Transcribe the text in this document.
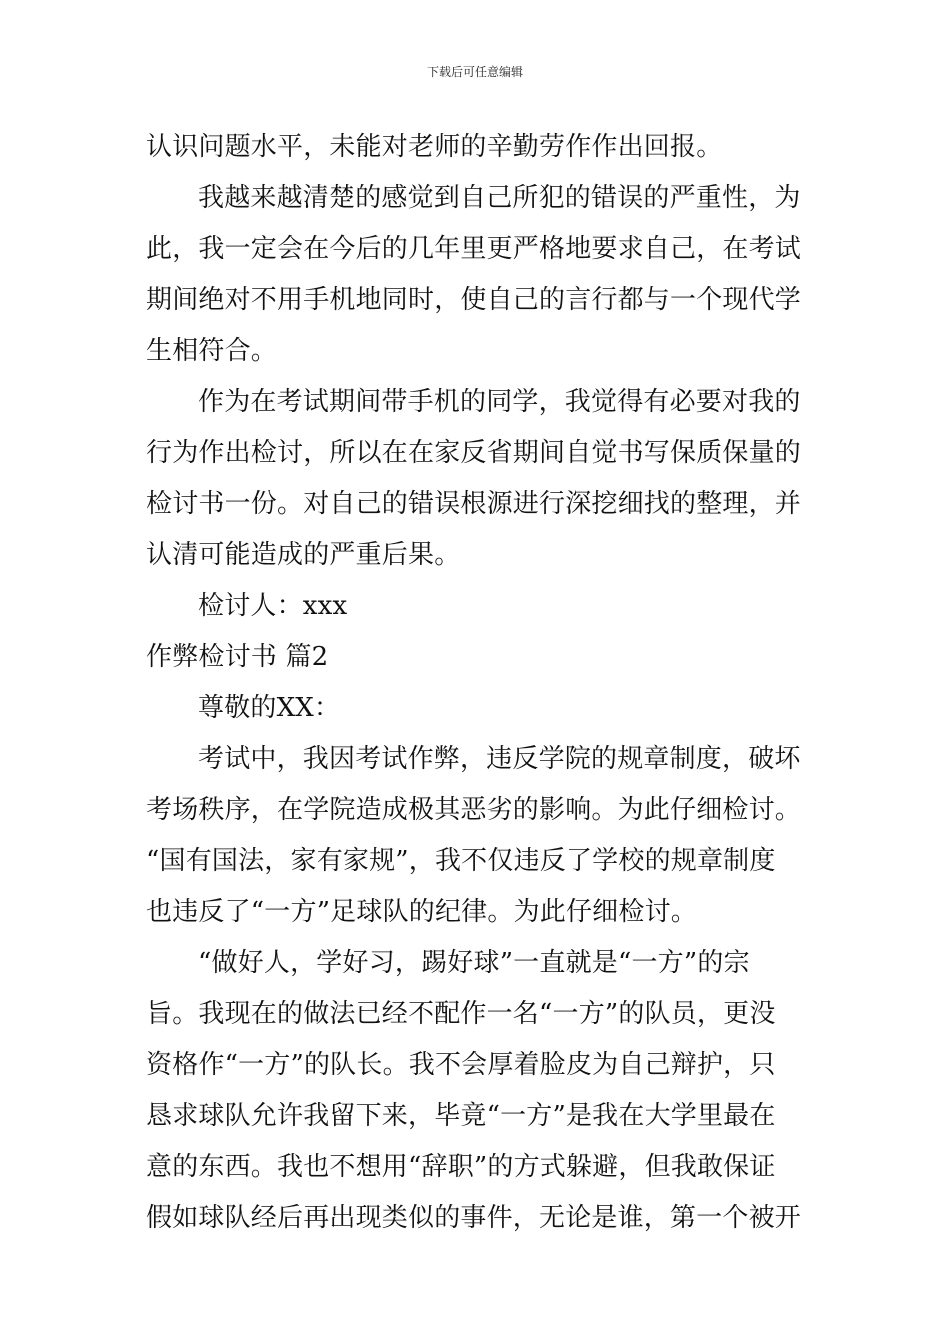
下载后可任意编辑
认识问题水平，未能对老师的辛勤劳作作出回报。
我越来越清楚的感觉到自己所犯的错误的严重性，为
此，我一定会在今后的几年里更严格地要求自己，在考试
期间绝对不用手机地同时，使自己的言行都与一个现代学
生相符合。
作为在考试期间带手机的同学，我觉得有必要对我的
行为作出检讨，所以在在家反省期间自觉书写保质保量的
检讨书一份。对自己的错误根源进行深挖细找的整理，并
认清可能造成的严重后果。
检讨人：xxx
作弊检讨书 篇2
尊敬的XX：
考试中，我因考试作弊，违反学院的规章制度，破坏
考场秩序，在学院造成极其恶劣的影响。为此仔细检讨。
“国有国法，家有家规”，我不仅违反了学校的规章制度
也违反了“一方”足球队的纪律。为此仔细检讨。
“做好人，学好习，踢好球”一直就是“一方”的宗
旨。我现在的做法已经不配作一名“一方”的队员，更没
资格作“一方”的队长。我不会厚着脸皮为自己辩护，只
恳求球队允许我留下来，毕竟“一方”是我在大学里最在
意的东西。我也不想用“辞职”的方式躲避，但我敢保证
假如球队经后再出现类似的事件，无论是谁，第一个被开
